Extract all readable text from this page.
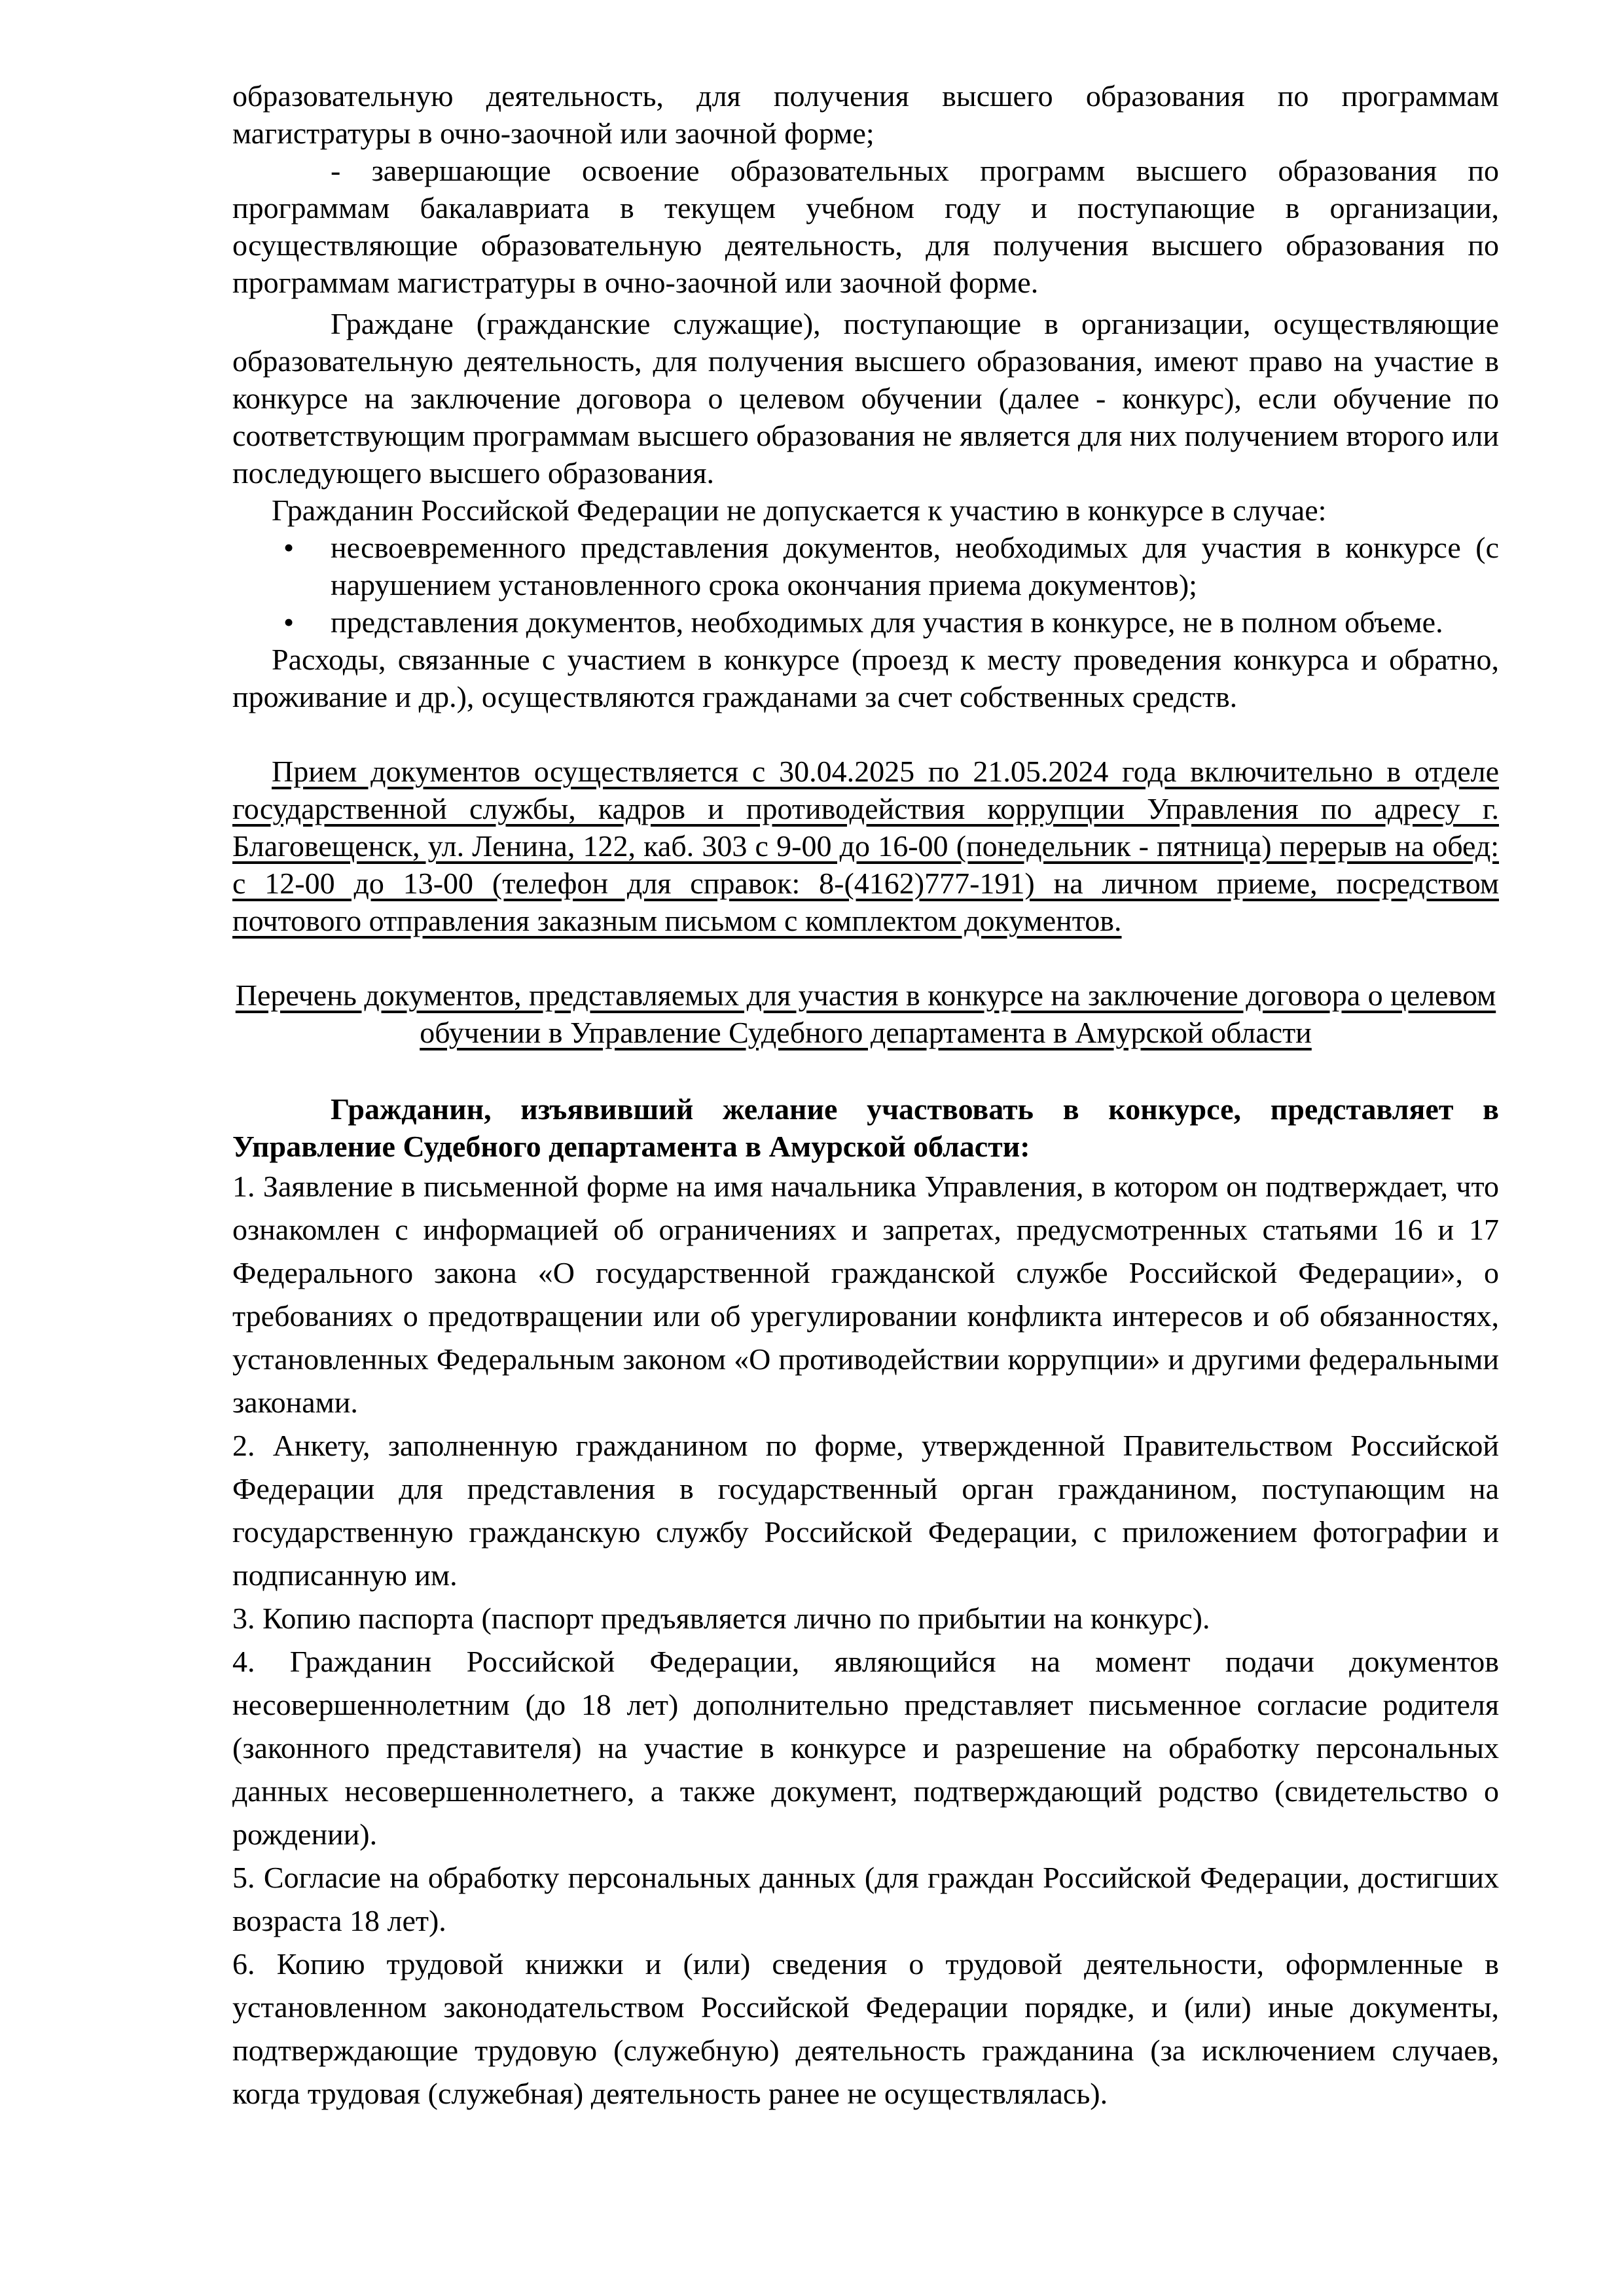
образовательную деятельность, для получения высшего образования по программам магистратуры в очно-заочной или заочной форме;

- завершающие освоение образовательных программ высшего образования по программам бакалавриата в текущем учебном году и поступающие в организации, осуществляющие образовательную деятельность, для получения высшего образования по программам магистратуры в очно-заочной или заочной форме.

Граждане (гражданские служащие), поступающие в организации, осуществляющие образовательную деятельность, для получения высшего образования, имеют право на участие в конкурсе на заключение договора о целевом обучении (далее - конкурс), если обучение по соответствующим программам высшего образования не является для них получением второго или последующего высшего образования.

Гражданин Российской Федерации не допускается к участию в конкурсе в случае:

• несвоевременного представления документов, необходимых для участия в конкурсе (с нарушением установленного срока окончания приема документов);
• представления документов, необходимых для участия в конкурсе, не в полном объеме.

Расходы, связанные с участием в конкурсе (проезд к месту проведения конкурса и обратно, проживание и др.), осуществляются гражданами за счет собственных средств.

Прием документов осуществляется с 30.04.2025 по 21.05.2024 года включительно в отделе государственной службы, кадров и противодействия коррупции Управления по адресу г. Благовещенск, ул. Ленина, 122, каб. 303 с 9-00 до 16-00 (понедельник - пятница) перерыв на обед: с 12-00 до 13-00 (телефон для справок: 8-(4162)777-191) на личном приеме, посредством почтового отправления заказным письмом с комплектом документов.

Перечень документов, представляемых для участия в конкурсе на заключение договора о целевом обучении в Управление Судебного департамента в Амурской области

Гражданин, изъявивший желание участвовать в конкурсе, представляет в Управление Судебного департамента в Амурской области:

1. Заявление в письменной форме на имя начальника Управления, в котором он подтверждает, что ознакомлен с информацией об ограничениях и запретах, предусмотренных статьями 16 и 17 Федерального закона «О государственной гражданской службе Российской Федерации», о требованиях о предотвращении или об урегулировании конфликта интересов и об обязанностях, установленных Федеральным законом «О противодействии коррупции» и другими федеральными законами.

2. Анкету, заполненную гражданином по форме, утвержденной Правительством Российской Федерации для представления в государственный орган гражданином, поступающим на государственную гражданскую службу Российской Федерации, с приложением фотографии и подписанную им.

3. Копию паспорта (паспорт предъявляется лично по прибытии на конкурс).

4. Гражданин Российской Федерации, являющийся на момент подачи документов несовершеннолетним (до 18 лет) дополнительно представляет письменное согласие родителя (законного представителя) на участие в конкурсе и разрешение на обработку персональных данных несовершеннолетнего, а также документ, подтверждающий родство (свидетельство о рождении).

5. Согласие на обработку персональных данных (для граждан Российской Федерации, достигших возраста 18 лет).

6. Копию трудовой книжки и (или) сведения о трудовой деятельности, оформленные в установленном законодательством Российской Федерации порядке, и (или) иные документы, подтверждающие трудовую (служебную) деятельность гражданина (за исключением случаев, когда трудовая (служебная) деятельность ранее не осуществлялась).
